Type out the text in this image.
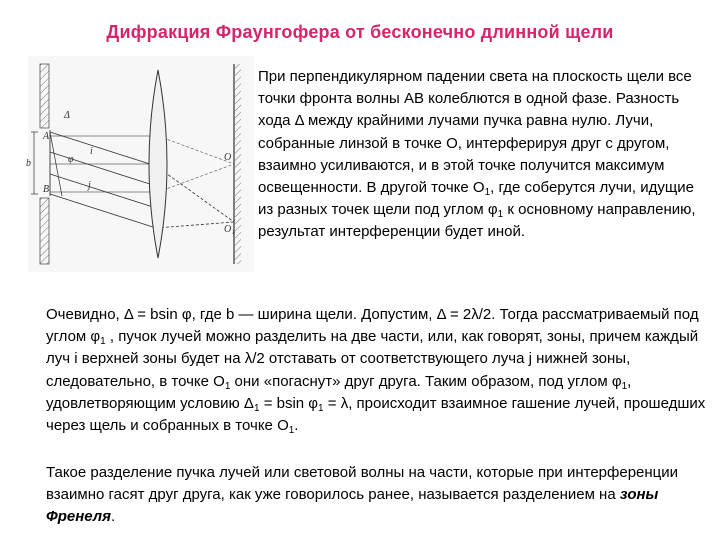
Дифракция Фраунгофера от бесконечно длинной щели
A
B
b
Δ
φ
i
j
O
O₁

При перпендикулярном падении света на плоскость щели все точки фронта волны АВ колеблются в одной фазе. Разность хода Δ между крайними лучами пучка равна нулю. Лучи, собранные линзой в точке О, интерферируя друг с другом, взаимно усиливаются, и в этой точке получится максимум освещенности. В другой точке $О_1$, где соберутся лучи, идущие из разных точек щели под углом $\varphi_1$ к основному направлению, результат интерференции будет иной.

Очевидно, Δ = bsin φ, где b — ширина щели. Допустим, Δ = 2λ/2. Тогда рассматриваемый под углом $\varphi_1$ , пучок лучей можно разделить на две части, или, как говорят, зоны, причем каждый луч i верхней зоны будет на λ/2 отставать от соответствующего луча j нижней зоны, следовательно, в точке $О_1$ они «погаснут» друг друга. Таким образом, под углом $\varphi_1$, удовлетворяющим условию $\Delta_1 = bsin$ $\varphi_1 = \lambda$, происходит взаимное гашение лучей, прошедших через щель и собранных в точке $О_1$.

Такое разделение пучка лучей или световой волны на части, которые при интерференции взаимно гасят друг друга, как уже говорилось ранее, называется разделением на зоны Френеля.
